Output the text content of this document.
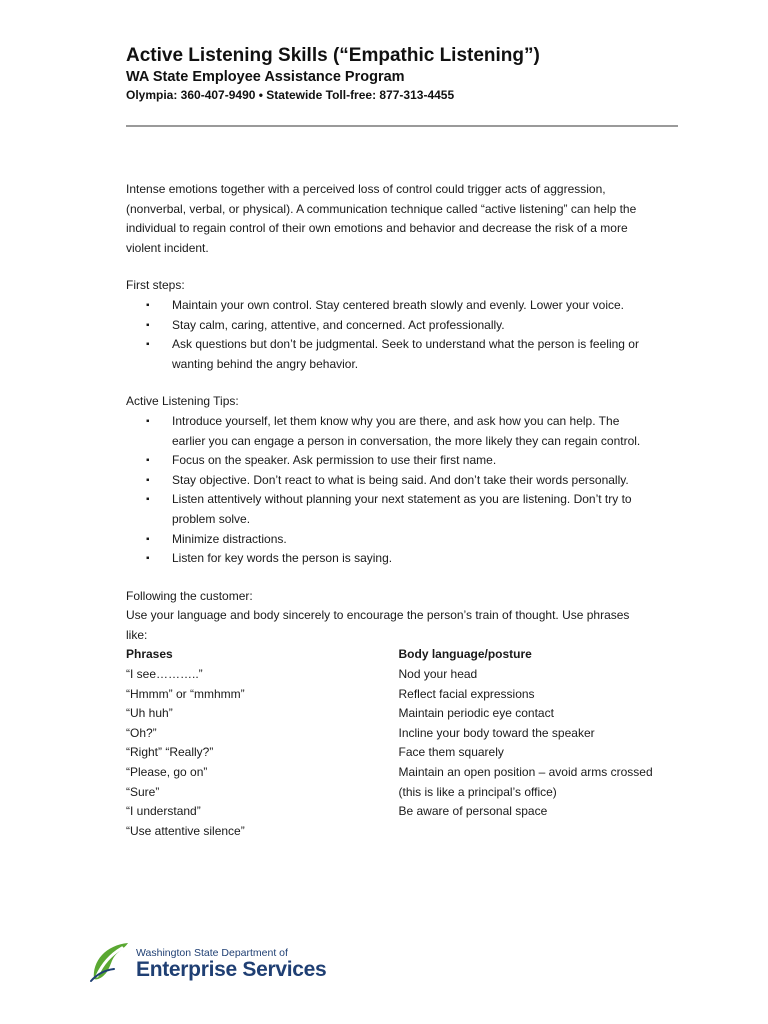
Active Listening Skills (“Empathic Listening”)
WA State Employee Assistance Program
Olympia: 360-407-9490 • Statewide Toll-free: 877-313-4455

Intense emotions together with a perceived loss of control could trigger acts of aggression,

(nonverbal, verbal, or physical). A communication technique called “active listening” can help the

individual to regain control of their own emotions and behavior and decrease the risk of a more

violent incident.

First steps:

▪ Maintain your own control. Stay centered breath slowly and evenly. Lower your voice.

▪ Stay calm, caring, attentive, and concerned. Act professionally.

▪ Ask questions but don’t be judgmental. Seek to understand what the person is feeling or

wanting behind the angry behavior.

Active Listening Tips:

▪ Introduce yourself, let them know why you are there, and ask how you can help. The

earlier you can engage a person in conversation, the more likely they can regain control.

▪ Focus on the speaker. Ask permission to use their first name.

▪ Stay objective. Don’t react to what is being said. And don’t take their words personally.

▪ Listen attentively without planning your next statement as you are listening. Don’t try to

problem solve.

▪ Minimize distractions.

▪ Listen for key words the person is saying.

Following the customer:

Use your language and body sincerely to encourage the person’s train of thought. Use phrases

like:

Phrases

“I see………..”

“Hmmm” or “mmhmm”

“Uh huh”

“Oh?”

“Right” “Really?”

“Please, go on”

“Sure”

“I understand”

“Use attentive silence”

Body language/posture

Nod your head

Reflect facial expressions

Maintain periodic eye contact

Incline your body toward the speaker

Face them squarely

Maintain an open position – avoid arms crossed

(this is like a principal’s office)

Be aware of personal space

Washington State Department of
Enterprise Services
